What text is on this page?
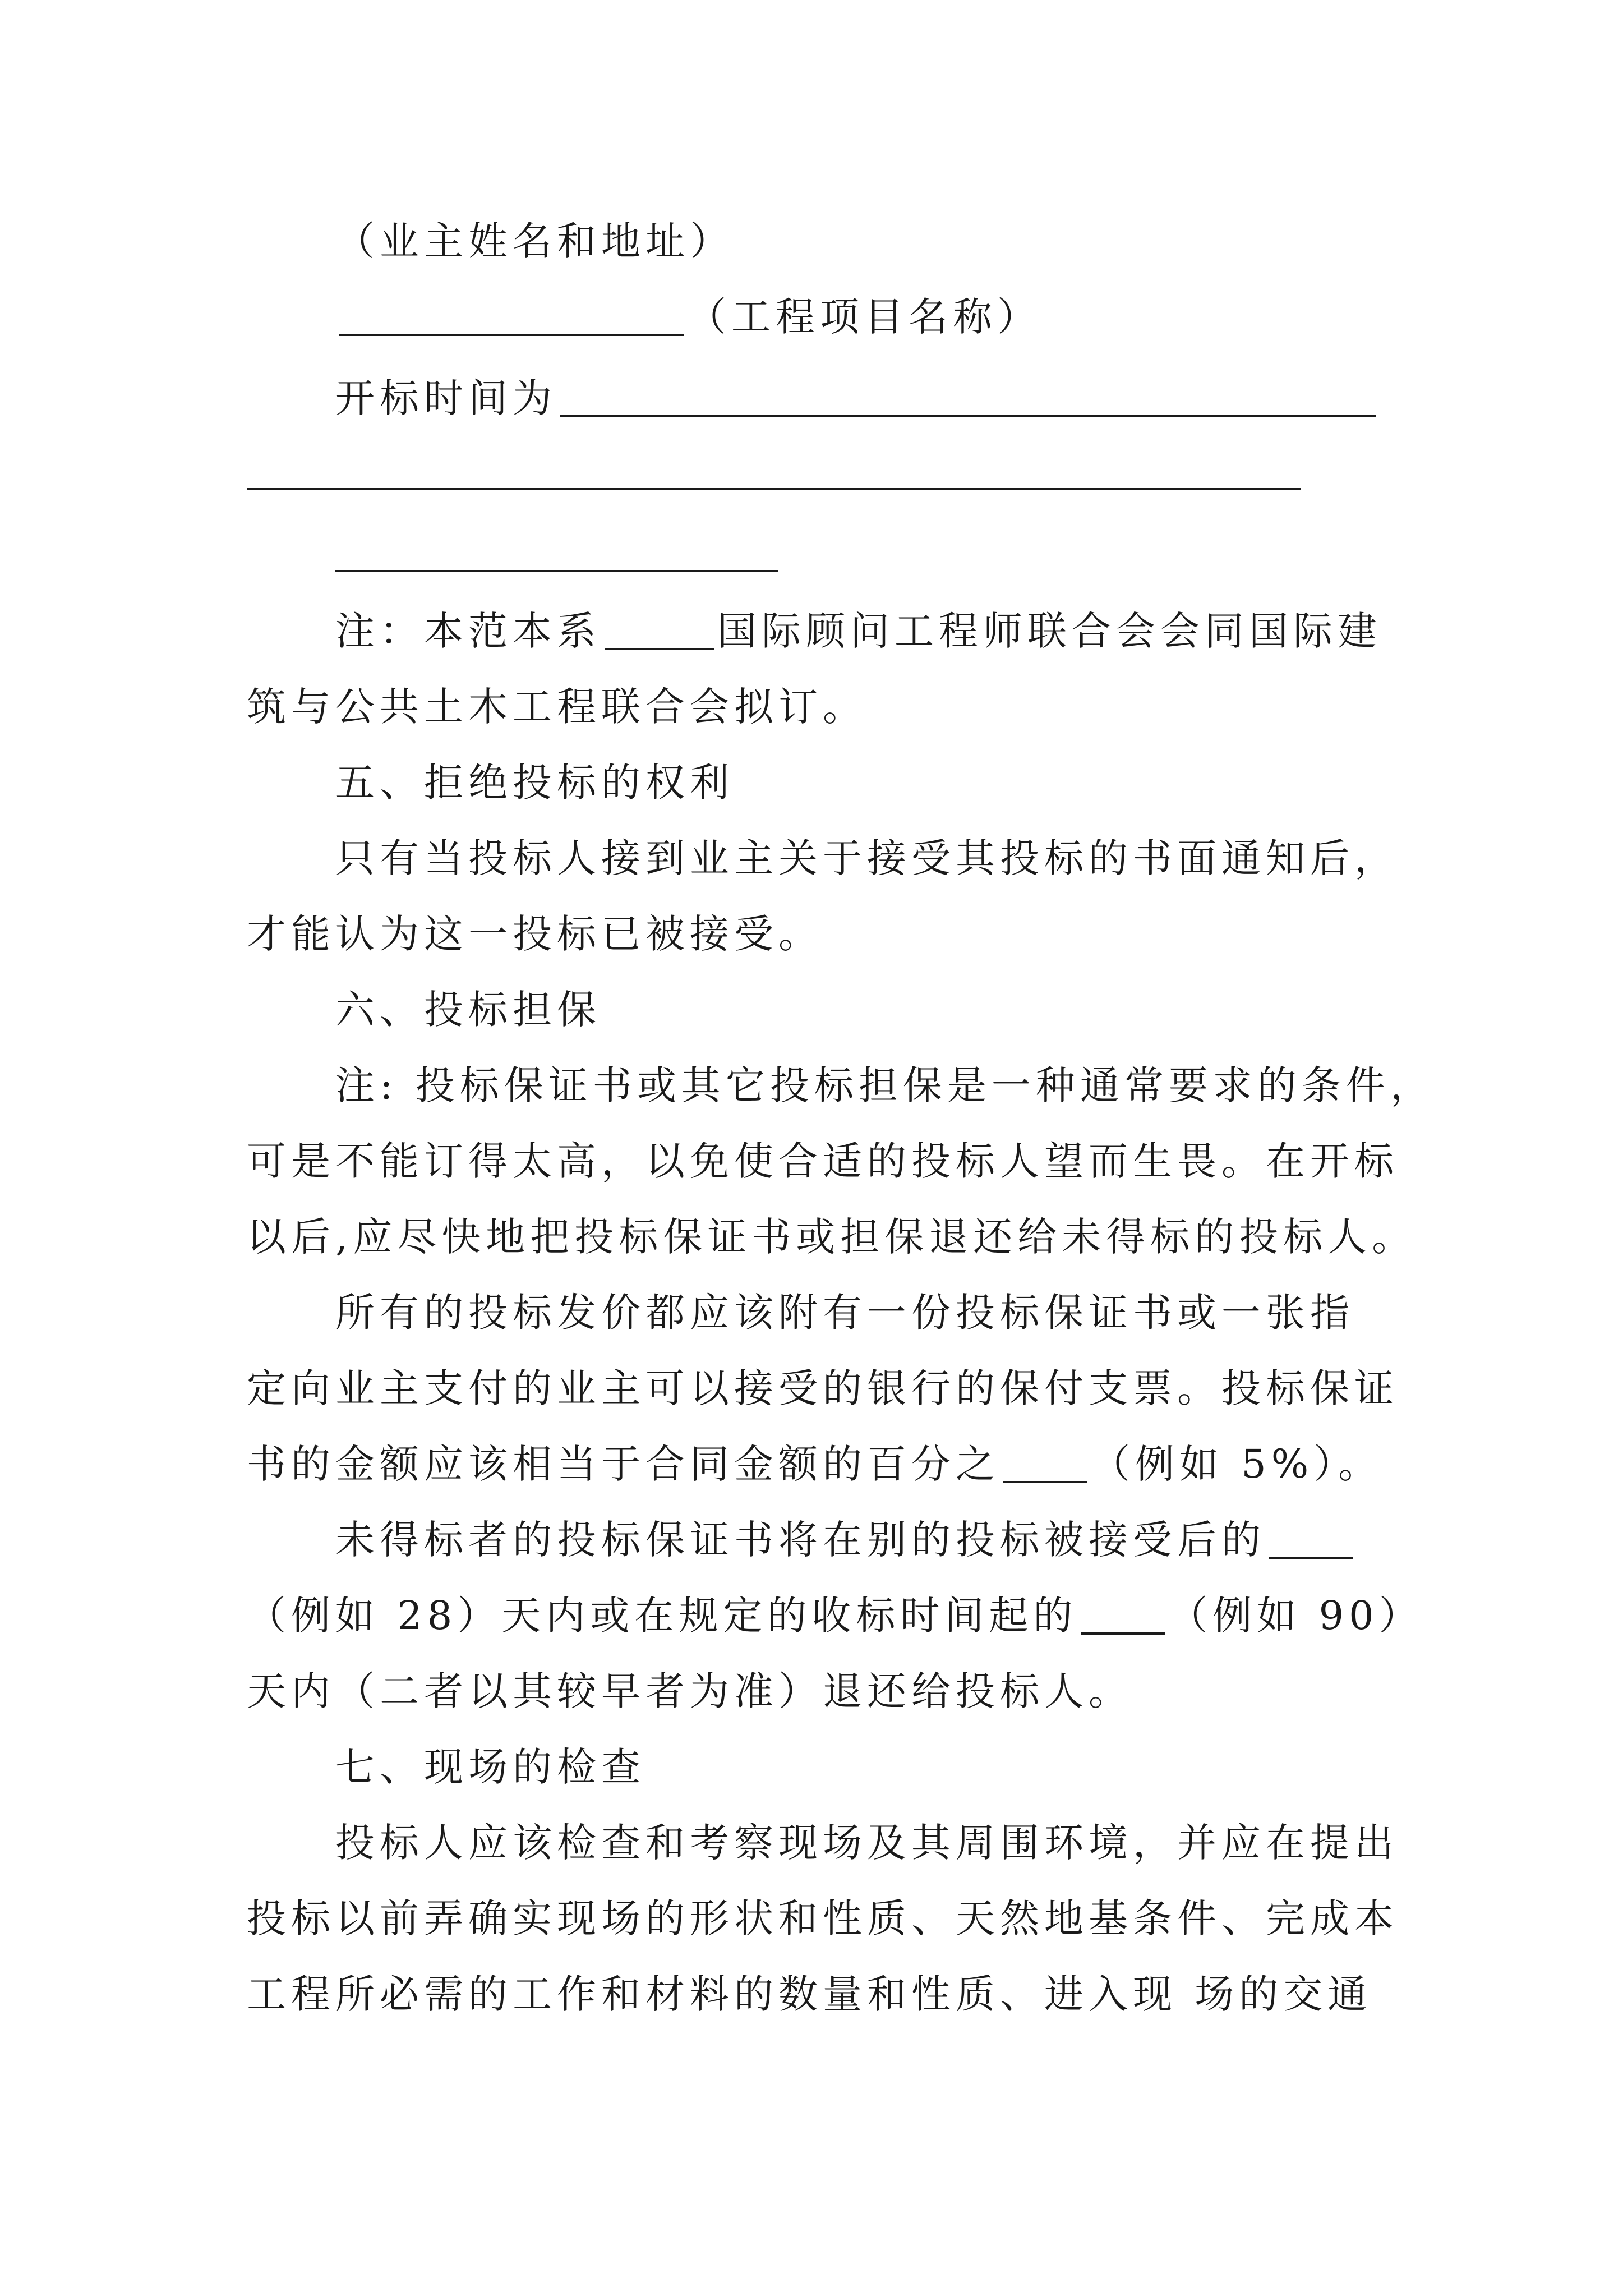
（业主姓名和地址）
（工程项目名称）
开标时间为
注：本范本系	国际顾问工程师联合会会同国际建
筑与公共土木工程联合会拟订。
五、拒绝投标的权利
只有当投标人接到业主关于接受其投标的书面通知后，
才能认为这一投标已被接受。
六、投标担保
注: 投标保证书或其它投标担保是一种通常要求的条件，
可是不能订得太高，以免使合适的投标人望而生畏。在开标
以后,应尽快地把投标保证书或担保退还给未得标的投标人。
所有的投标发价都应该附有一份投标保证书或一张指
定向业主支付的业主可以接受的银行的保付支票。投标保证
书的金额应该相当于合同金额的百分之 （例如 5%）。
未得标者的投标保证书将在别的投标被接受后的
（例如 28）天内或在规定的收标时间起的 （例如 90）
天内（二者以其较早者为准）退还给投标人。
七、现场的检查
投标人应该检查和考察现场及其周围环境，并应在提出
投标以前弄确实现场的形状和性质、天然地基条件、完成本
工程所必需的工作和材料的数量和性质、进入现 场的交通
